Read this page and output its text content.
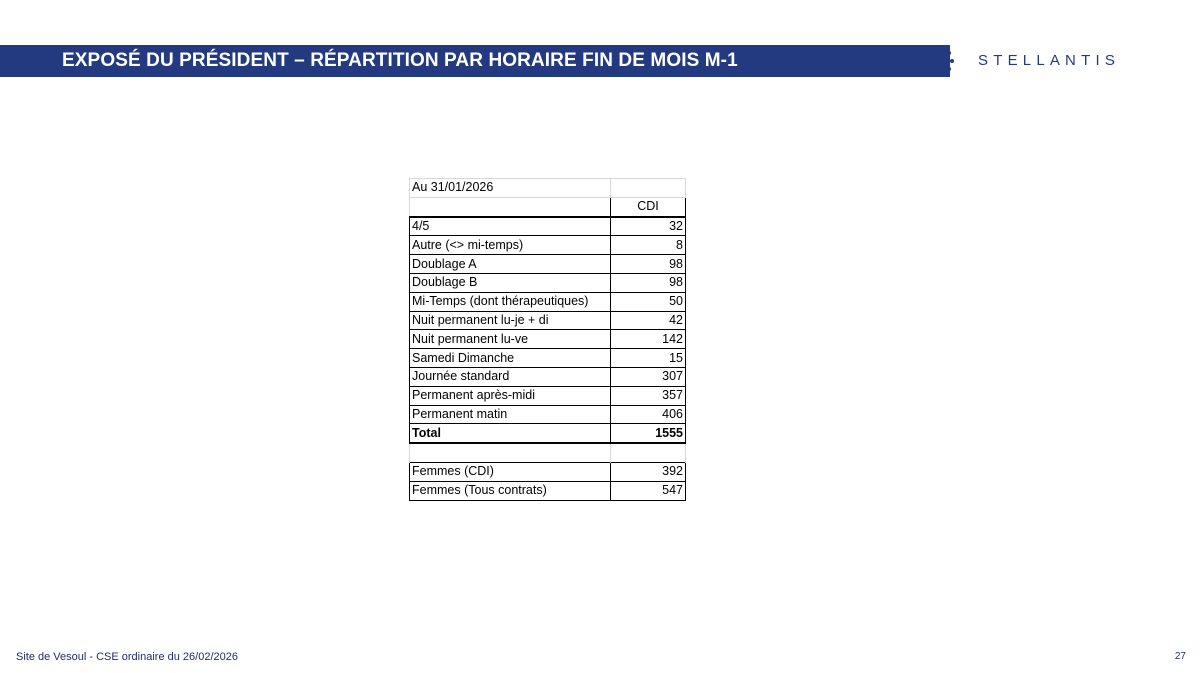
EXPOSÉ DU PRÉSIDENT – RÉPARTITION PAR HORAIRE FIN DE MOIS M-1	STELLANTIS
Au 31/01/2026	
	CDI
4/5	32
Autre (<> mi-temps)	8
Doublage A	98
Doublage B	98
Mi-Temps (dont thérapeutiques)	50
Nuit permanent lu-je + di	42
Nuit permanent lu-ve	142
Samedi Dimanche	15
Journée standard	307
Permanent après-midi	357
Permanent matin	406
Total	1555

Femmes (CDI)	392
Femmes (Tous contrats)	547
Site de Vesoul - CSE ordinaire du 26/02/2026	27
